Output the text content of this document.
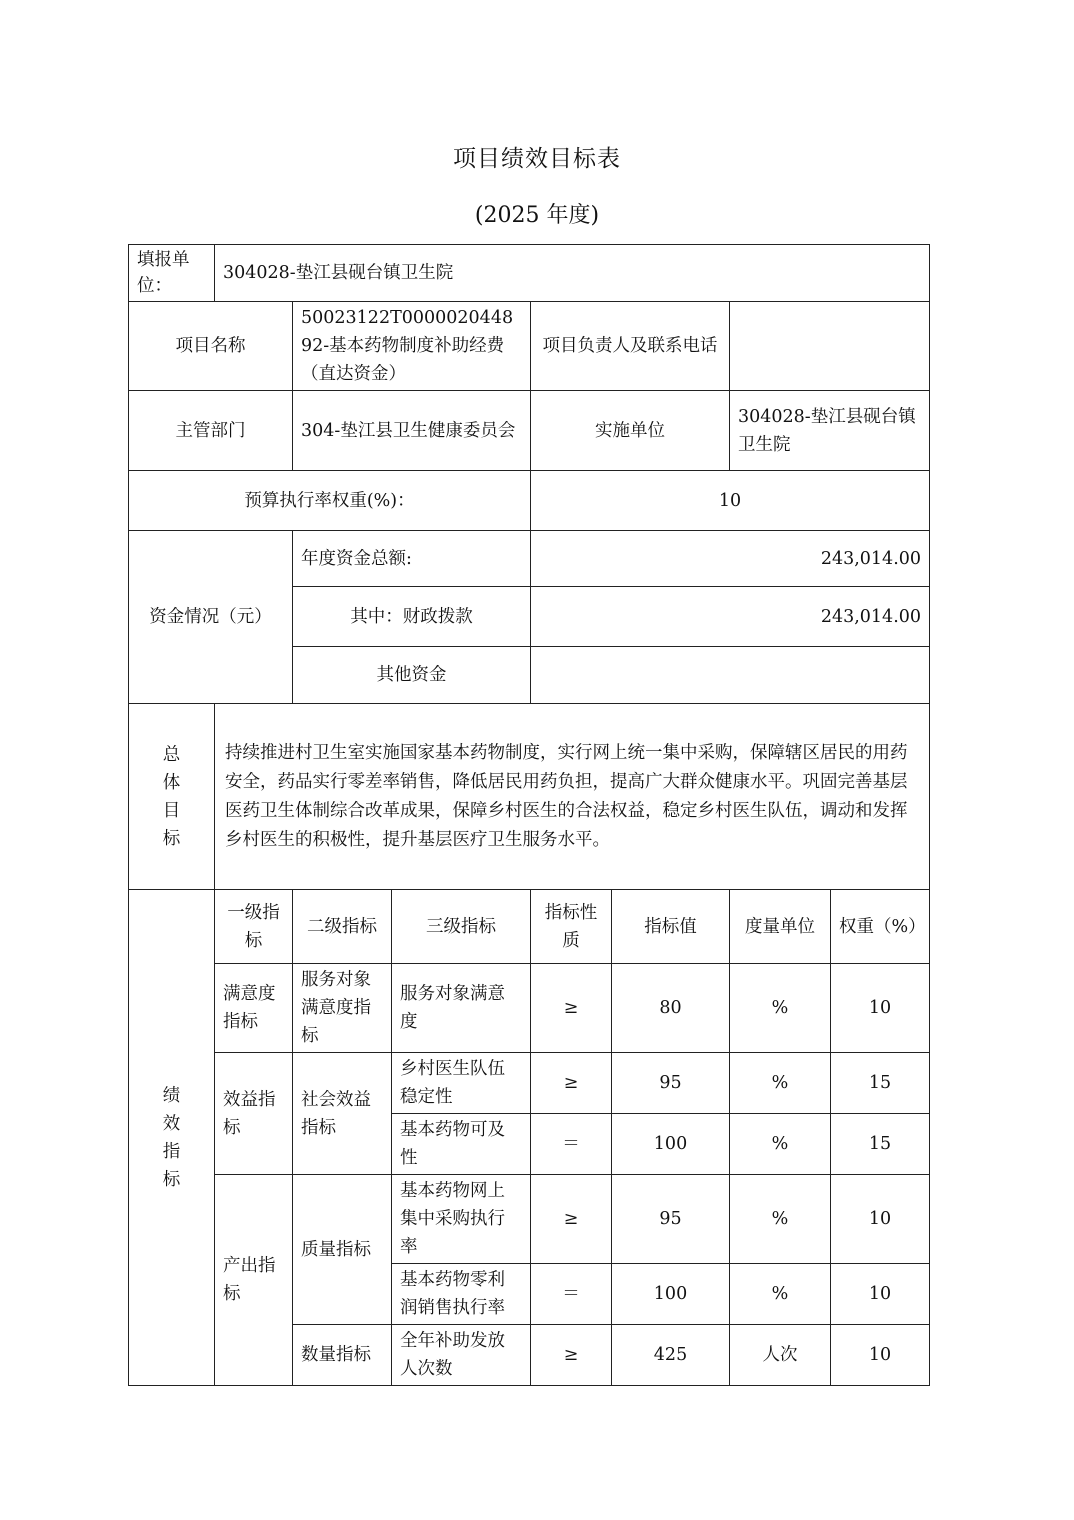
项目绩效目标表
(2025 年度)
填报单位：	304028-垫江县砚台镇卫生院						
项目名称		50023122T000002044892-基本药物制度补助经费（直达资金）		项目负责人及联系电话			
主管部门		304-垫江县卫生健康委员会		实施单位		304028-垫江县砚台镇卫生院	
预算执行率权重(%)：				10			
资金情况（元）		年度资金总额:		243,014.00			
		其中：财政拨款		243,014.00			
		其他资金					
总体目标	持续推进村卫生室实施国家基本药物制度，实行网上统一集中采购，保障辖区居民的用药安全，药品实行零差率销售，降低居民用药负担，提高广大群众健康水平。巩固完善基层医药卫生体制综合改革成果，保障乡村医生的合法权益，稳定乡村医生队伍，调动和发挥乡村医生的积极性，提升基层医疗卫生服务水平。						
绩效指标	一级指标	二级指标	三级指标	指标性质	指标值	度量单位	权重（%）
	满意度指标	服务对象满意度指标	服务对象满意度	≥	80	%	10
	效益指标	社会效益指标	乡村医生队伍稳定性	≥	95	%	15
			基本药物可及性	＝	100	%	15
	产出指标	质量指标	基本药物网上集中采购执行率	≥	95	%	10
			基本药物零利润销售执行率	＝	100	%	10
		数量指标	全年补助发放人次数	≥	425	人次	10
